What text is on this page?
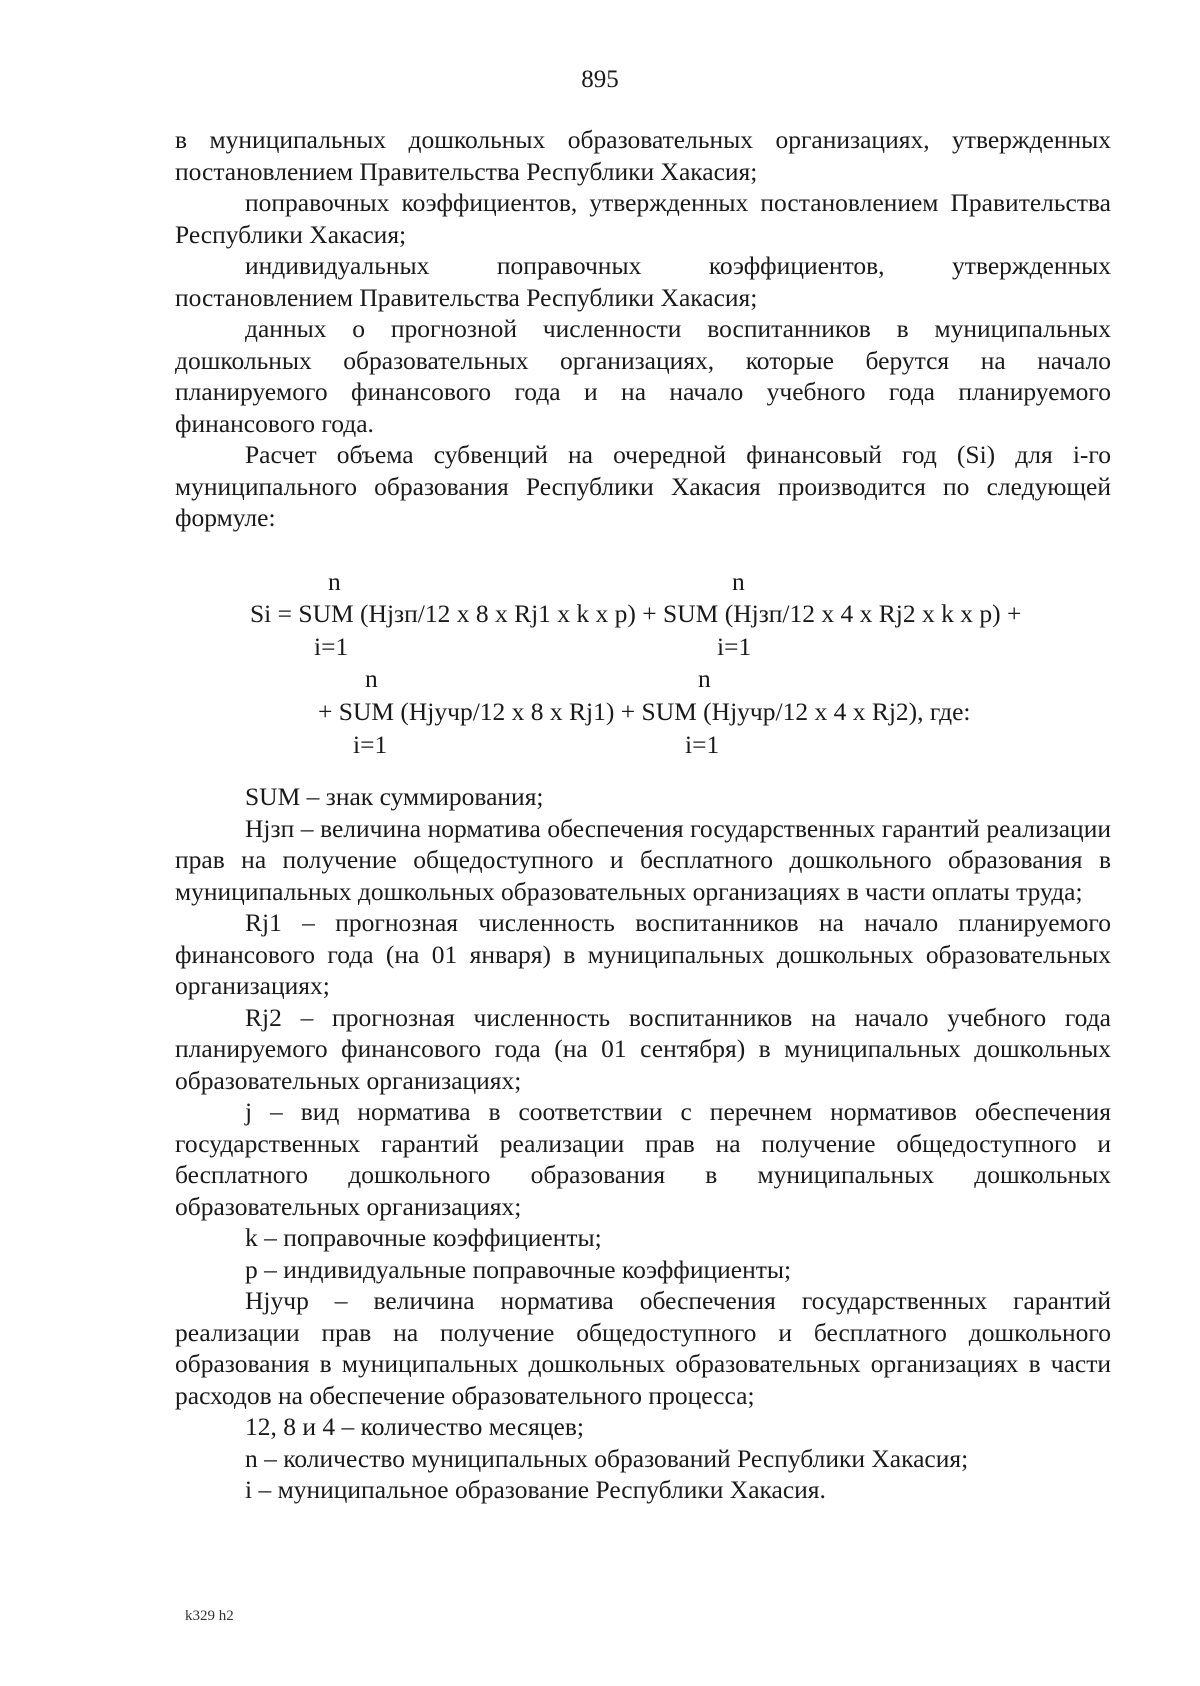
895

в муниципальных дошкольных образовательных организациях, утвержденных постановлением Правительства Республики Хакасия;

поправочных коэффициентов, утвержденных постановлением Правительства Республики Хакасия;

индивидуальных поправочных коэффициентов, утвержденных постановлением Правительства Республики Хакасия;

данных о прогнозной численности воспитанников в муниципальных дошкольных образовательных организациях, которые берутся на начало планируемого финансового года и на начало учебного года планируемого финансового года.

Расчет объема субвенций на очередной финансовый год (Si) для i-го муниципального образования Республики Хакасия производится по следующей формуле:

n	n
Si = SUM (Hjзп/12 х 8 х Rj1 х k х p) + SUM (Hjзп/12 х 4 х Rj2 х k х p) +
i=1	i=1
n	n
+ SUM (Hjучр/12 х 8 х Rj1) + SUM (Hjучр/12 х 4 х Rj2), где:
i=1	i=1

SUM – знак суммирования;

Hjзп – величина норматива обеспечения государственных гарантий реализации прав на получение общедоступного и бесплатного дошкольного образования в муниципальных дошкольных образовательных организациях в части оплаты труда;

Rj1 – прогнозная численность воспитанников на начало планируемого финансового года (на 01 января) в муниципальных дошкольных образовательных организациях;

Rj2 – прогнозная численность воспитанников на начало учебного года планируемого финансового года (на 01 сентября) в муниципальных дошкольных образовательных организациях;

j – вид норматива в соответствии с перечнем нормативов обеспечения государственных гарантий реализации прав на получение общедоступного и бесплатного дошкольного образования в муниципальных дошкольных образовательных организациях;

k – поправочные коэффициенты;

p – индивидуальные поправочные коэффициенты;

Hjучр – величина норматива обеспечения государственных гарантий реализации прав на получение общедоступного и бесплатного дошкольного образования в муниципальных дошкольных образовательных организациях в части расходов на обеспечение образовательного процесса;

12, 8 и 4 – количество месяцев;

n – количество муниципальных образований Республики Хакасия;

i – муниципальное образование Республики Хакасия.

k329 h2
